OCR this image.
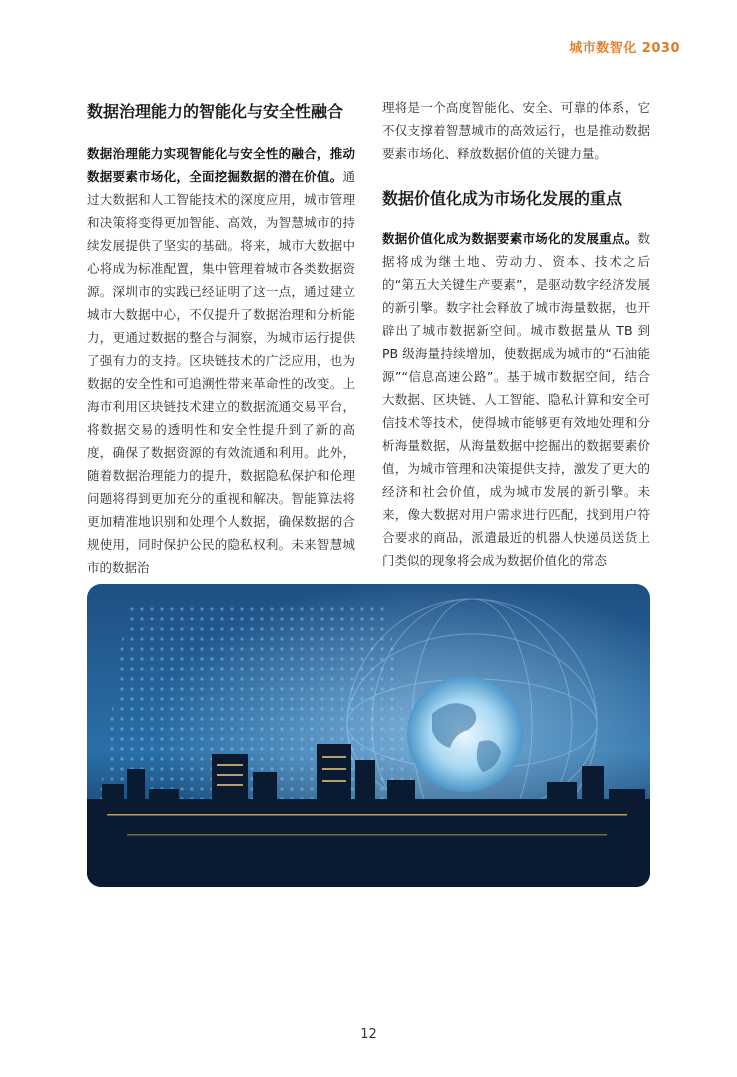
城市数智化 2030
数据治理能力的智能化与安全性融合

数据治理能力实现智能化与安全性的融合，推动数据要素市场化，全面挖掘数据的潜在价值。通过大数据和人工智能技术的深度应用，城市管理和决策将变得更加智能、高效，为智慧城市的持续发展提供了坚实的基础。将来，城市大数据中心将成为标准配置，集中管理着城市各类数据资源。深圳市的实践已经证明了这一点，通过建立城市大数据中心，不仅提升了数据治理和分析能力，更通过数据的整合与洞察，为城市运行提供了强有力的支持。区块链技术的广泛应用，也为数据的安全性和可追溯性带来革命性的改变。上海市利用区块链技术建立的数据流通交易平台，将数据交易的透明性和安全性提升到了新的高度，确保了数据资源的有效流通和利用。此外，随着数据治理能力的提升，数据隐私保护和伦理问题将得到更加充分的重视和解决。智能算法将更加精准地识别和处理个人数据，确保数据的合规使用，同时保护公民的隐私权利。未来智慧城市的数据治

理将是一个高度智能化、安全、可靠的体系，它不仅支撑着智慧城市的高效运行，也是推动数据要素市场化、释放数据价值的关键力量。

数据价值化成为市场化发展的重点

数据价值化成为数据要素市场化的发展重点。数据将成为继土地、劳动力、资本、技术之后的“第五大关键生产要素”，是驱动数字经济发展的新引擎。数字社会释放了城市海量数据，也开辟出了城市数据新空间。城市数据量从 TB 到 PB 级海量持续增加，使数据成为城市的“石油能源”“信息高速公路”。基于城市数据空间，结合大数据、区块链、人工智能、隐私计算和安全可信技术等技术，使得城市能够更有效地处理和分析海量数据，从海量数据中挖掘出的数据要素价值，为城市管理和决策提供支持，激发了更大的经济和社会价值，成为城市发展的新引擎。未来，像大数据对用户需求进行匹配，找到用户符合要求的商品，派遣最近的机器人快递员送货上门类似的现象将会成为数据价值化的常态

12
